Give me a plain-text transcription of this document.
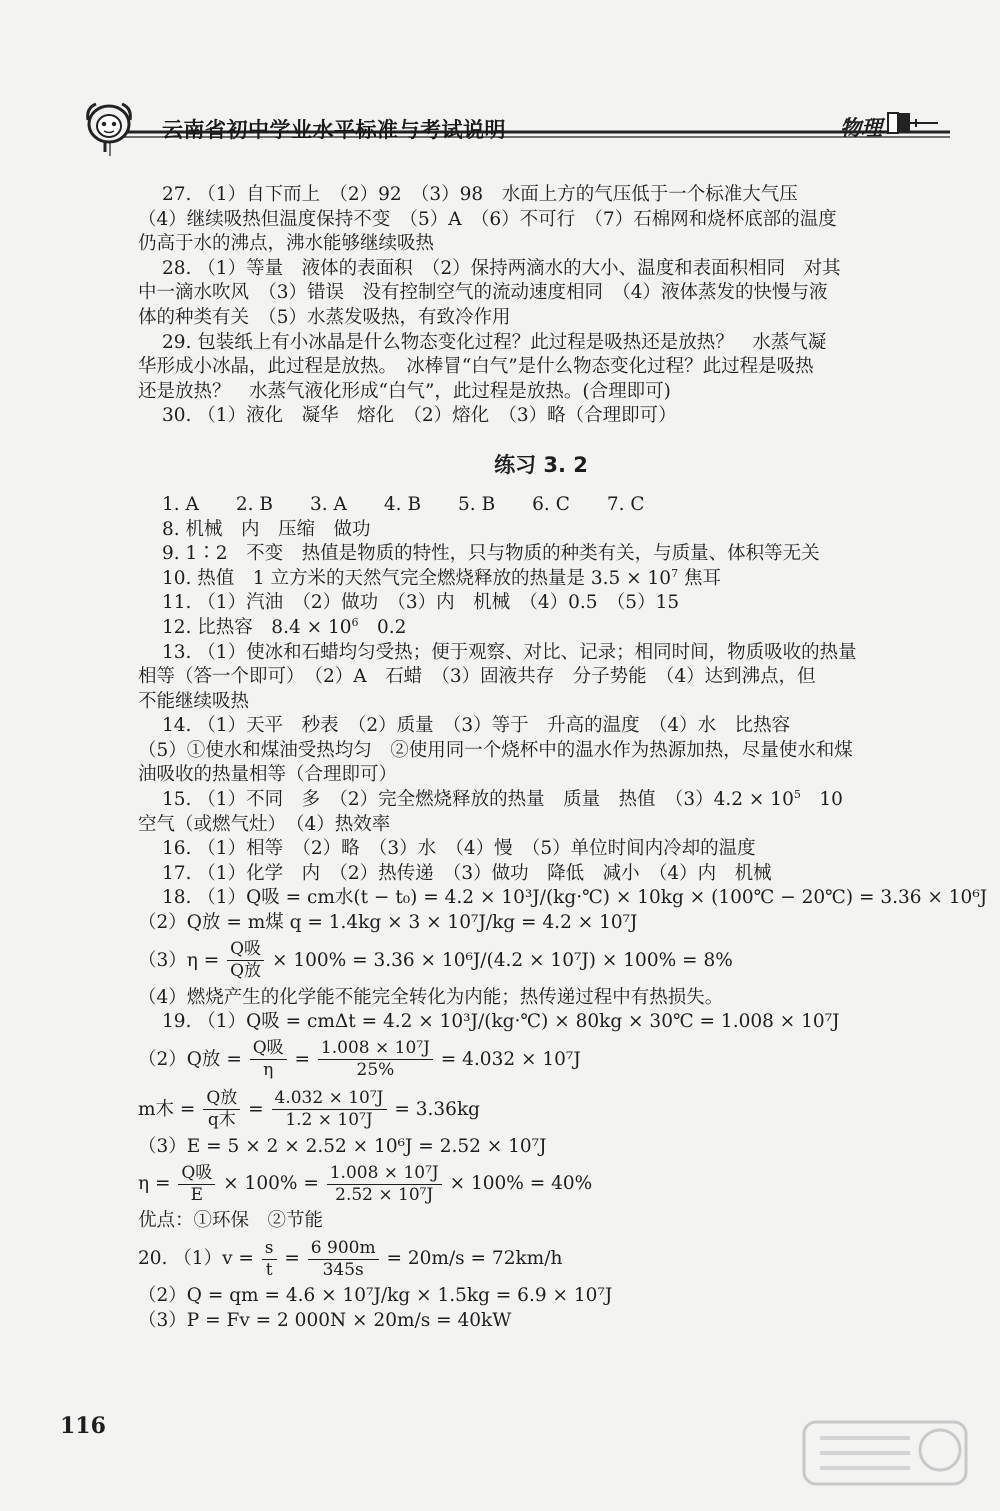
云南省初中学业水平标准与考试说明	物理
27. （1）自下而上　（2）92　（3）98　水面上方的气压低于一个标准大气压
（4）继续吸热但温度保持不变　（5）A　（6）不可行　（7）石棉网和烧杯底部的温度
仍高于水的沸点，沸水能够继续吸热
28. （1）等量　液体的表面积　（2）保持两滴水的大小、温度和表面积相同　对其
中一滴水吹风　（3）错误　没有控制空气的流动速度相同　（4）液体蒸发的快慢与液
体的种类有关　（5）水蒸发吸热，有致冷作用
29. 包装纸上有小冰晶是什么物态变化过程？此过程是吸热还是放热？　水蒸气凝
华形成小冰晶，此过程是放热。　冰棒冒“白气”是什么物态变化过程？此过程是吸热
还是放热？　水蒸气液化形成“白气”，此过程是放热。(合理即可)
30. （1）液化　凝华　熔化　（2）熔化　（3）略（合理即可）
练习 3. 2
1. A　　2. B　　3. A　　4. B　　5. B　　6. C　　7. C
8. 机械　内　压缩　做功
9. 1∶2　不变　热值是物质的特性，只与物质的种类有关，与质量、体积等无关
10. 热值　1 立方米的天然气完全燃烧释放的热量是 $3.5 \times 10^7$ 焦耳
11. （1）汽油　（2）做功　（3）内　机械　（4）0.5　（5）15
12. 比热容　$8.4 \times 10^6$　0.2
13. （1）使冰和石蜡均匀受热；便于观察、对比、记录；相同时间，物质吸收的热量
相等（答一个即可）　（2）A　石蜡　（3）固液共存　分子势能　（4）达到沸点，但
不能继续吸热
14. （1）天平　秒表　（2）质量　（3）等于　升高的温度　（4）水　比热容
（5）①使水和煤油受热均匀　②使用同一个烧杯中的温水作为热源加热，尽量使水和煤
油吸收的热量相等（合理即可）
15. （1）不同　多　（2）完全燃烧释放的热量　质量　热值　$(3)4.2 \times 10^5$　10
空气（或燃气灶）　（4）热效率
16. （1）相等　（2）略　（3）水　（4）慢　（5）单位时间内冷却的温度
17. （1）化学　内　（2）热传递　（3）做功　降低　减小　（4）内　机械
18. （1）Q吸 = cm水(t − t₀) = 4.2 × 10³J/(kg·℃) × 10kg × (100℃ − 20℃) = 3.36 × 10⁶J
（2）Q放 = m煤 q = 1.4kg × 3 × 10⁷J/kg = 4.2 × 10⁷J
$(3)\eta = \frac{\text{Q吸}}{\text{Q放}} \times 100\% = 3.36 \times 10^6J/(4.2 \times 10^7J) \times 100\% = 8\%$
（4）燃烧产生的化学能不能完全转化为内能；热传递过程中有热损失。
19. （1）Q吸 = cmΔt = 4.2 × 10³J/(kg·℃) × 80kg × 30℃ = 1.008 × 10⁷J
（2）Q放 = $\frac{\text{Q吸}}{\eta} = \frac{\text{1.008 × 10⁷J}}{25\%} = 4.032 \times 10^7J$
m木 = $\frac{\text{Q放}}{\text{q木}} = \frac{\text{4.032 × 10⁷J}}{\text{1.2 × 10⁷J}} = 3.36kg$
（3）E = 5 × 2 × 2.52 × 10⁶J = 2.52 × 10⁷J
$\eta = \frac{\text{Q吸}}{E} \times 100\% = \frac{\text{1.008 × 10⁷J}}{\text{2.52 × 10⁷J}} \times 100\% = 40\%$
优点：①环保　②节能
20. $(1)v = \frac{s}{t} = \frac{6 900m}{345s} = 20m/s = 72km/h$
（2）Q = qm = 4.6 × 10⁷J/kg × 1.5kg = 6.9 × 10⁷J
（3）P = Fv = 2 000N × 20m/s = 40kW
116
